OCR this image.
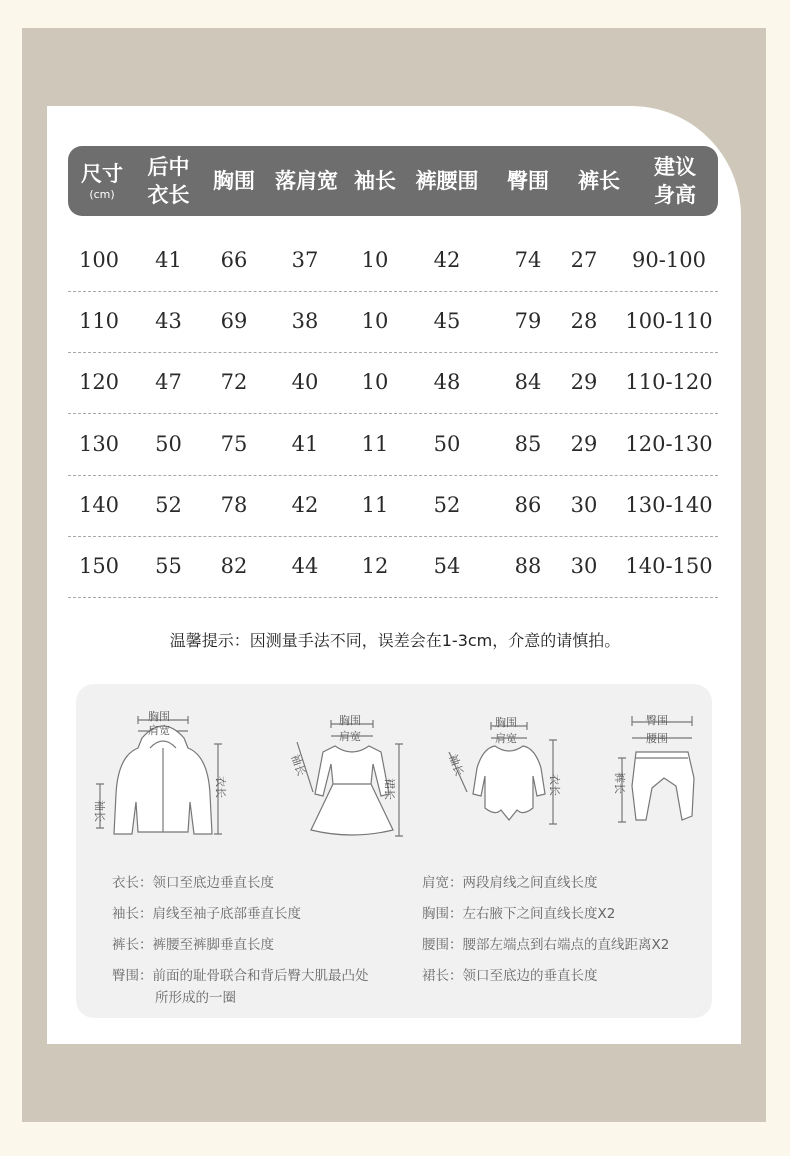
尺寸
(cm)
后中
衣长
胸围 落肩宽 袖长 裤腰围 臀围 裤长
建议
身高
100	41	66	37	10	42	74	27	90-100
110	43	69	38	10	45	79	28 100-110
120	47	72	40	10	48	84	29 110-120
130	50	75	41	11	50	85	29 120-130
140	52	78	42	11	52	86	30 130-140
150	55	82	44	12	54	88	30 140-150
温馨提示：因测量手法不同，误差会在1-3cm，介意的请慎拍。
胸围
肩宽
袖长
衣长
胸围
肩宽
袖长
裙长
胸围
肩宽
袖长
衣长
臀围
腰围
裤长
衣长：领口至底边垂直长度
袖长：肩线至袖子底部垂直长度
裤长：裤腰至裤脚垂直长度
臀围：前面的耻骨联合和背后臀大肌最凸处
所形成的一圈
肩宽：两段肩线之间直线长度
胸围：左右腋下之间直线长度X2
腰围：腰部左端点到右端点的直线距离X2
裙长：领口至底边的垂直长度
